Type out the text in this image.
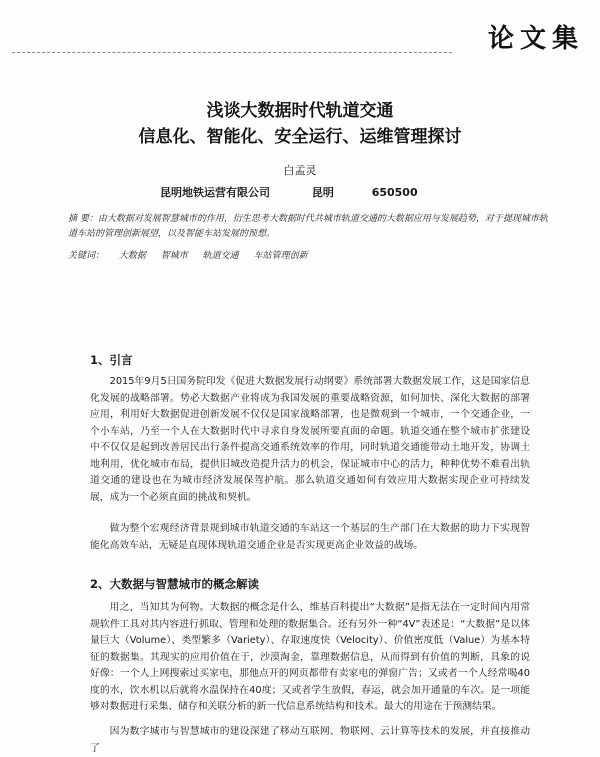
论文集
浅谈大数据时代轨道交通
信息化、智能化、安全运行、运维管理探讨
白孟灵
昆明地铁运营有限公司	昆明	650500
摘 要：由大数据对发展智慧城市的作用，衍生思考大数据时代共城市轨道交通的大数据应用与发展趋势，对于提现城市轨道车站的管理创新展望，以及智能车站发展的预想。
关键词： 大数据 智城市 轨道交通 车站管理创新
1、引言
2015年9月5日国务院印发《促进大数据发展行动纲要》系统部署大数据发展工作，这是国家信息化发展的战略部署。势必大数据产业将成为我国发展的重要战略资源，如何加快、深化大数据的部署应用，利用好大数据促进创新发展不仅仅是国家战略部署，也是微观到一个城市，一个交通企业，一个小车站，乃至一个人在大数据时代中寻求自身发展所要直面的命题。轨道交通在整个城市扩张建设中不仅仅是起到改善居民出行条件提高交通系统效率的作用，同时轨道交通能带动土地开发，协调土地利用，优化城市布局，提供旧城改造提升活力的机会，保证城市中心的活力，种种优势不难看出轨道交通的建设也在为城市经济发展保驾护航。那么轨道交通如何有效应用大数据实现企业可持续发展，成为一个必须直面的挑战和契机。
做为整个宏观经济背景规到城市轨道交通的车站这一个基层的生产部门在大数据的助力下实现智能化高效车站，无疑是直现体现轨道交通企业是否实现更高企业效益的战场。
2、大数据与智慧城市的概念解读
用之，当知其为何物。大数据的概念是什么，维基百科提出“大数据”是指无法在一定时间内用常规软件工具对其内容进行抓取、管理和处理的数据集合。还有另外一种“4V”表述是：“大数据”是以体量巨大（Volume）、类型繁多（Variety）、存取速度快（Velocity）、价值密度低（Value）为基本特征的数据集。其现实的应用价值在于，沙漠淘金，靠理数据信息，从而得到有价值的判断，具象的说好像：一个人上网搜索过买家电，那他点开的网页都带有卖家电的弹窗广告；又或者一个人经常喝40度的水，饮水机以后就将水温保持在40度；又或者学生放假，春运，就会加开通量的车次。是一项能够对数据进行采集、储存和关联分析的新一代信息系统结构和技术。最大的用途在于预测结果。
因为数字城市与智慧城市的建设深建了移动互联网、物联网、云计算等技术的发展，并直接推动了
